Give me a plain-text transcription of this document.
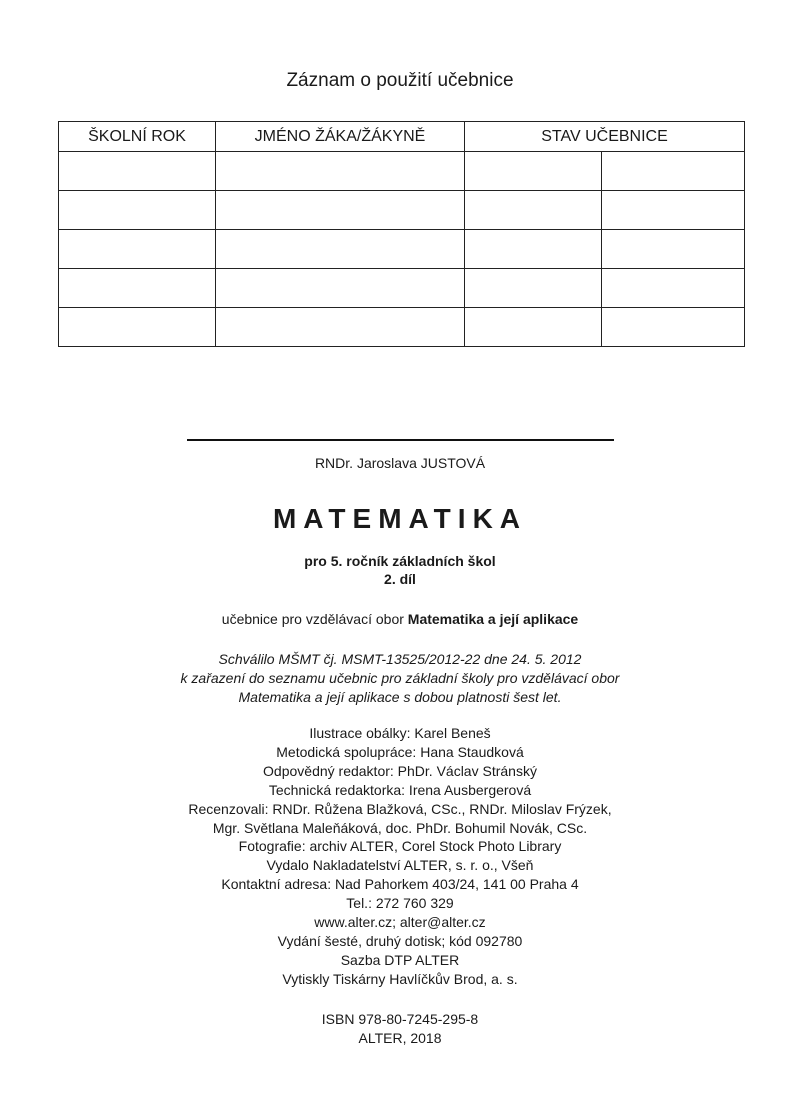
Záznam o použití učebnice
ŠKOLNÍ ROK	JMÉNO ŽÁKA/ŽÁKYNĚ	STAV UČEBNICE	

RNDr. Jaroslava JUSTOVÁ
MATEMATIKA
pro 5. ročník základních škol
2. díl
učebnice pro vzdělávací obor Matematika a její aplikace
Schválilo MŠMT čj. MSMT-13525/2012-22 dne 24. 5. 2012
k zařazení do seznamu učebnic pro základní školy pro vzdělávací obor
Matematika a její aplikace s dobou platnosti šest let.
Ilustrace obálky: Karel Beneš
Metodická spolupráce: Hana Staudková
Odpovědný redaktor: PhDr. Václav Stránský
Technická redaktorka: Irena Ausbergerová
Recenzovali: RNDr. Růžena Blažková, CSc., RNDr. Miloslav Frýzek,
Mgr. Světlana Maleňáková, doc. PhDr. Bohumil Novák, CSc.
Fotografie: archiv ALTER, Corel Stock Photo Library
Vydalo Nakladatelství ALTER, s. r. o., Všeň
Kontaktní adresa: Nad Pahorkem 403/24, 141 00 Praha 4
Tel.: 272 760 329
www.alter.cz; alter@alter.cz
Vydání šesté, druhý dotisk; kód 092780
Sazba DTP ALTER
Vytiskly Tiskárny Havlíčkův Brod, a. s.
ISBN 978-80-7245-295-8
ALTER, 2018
